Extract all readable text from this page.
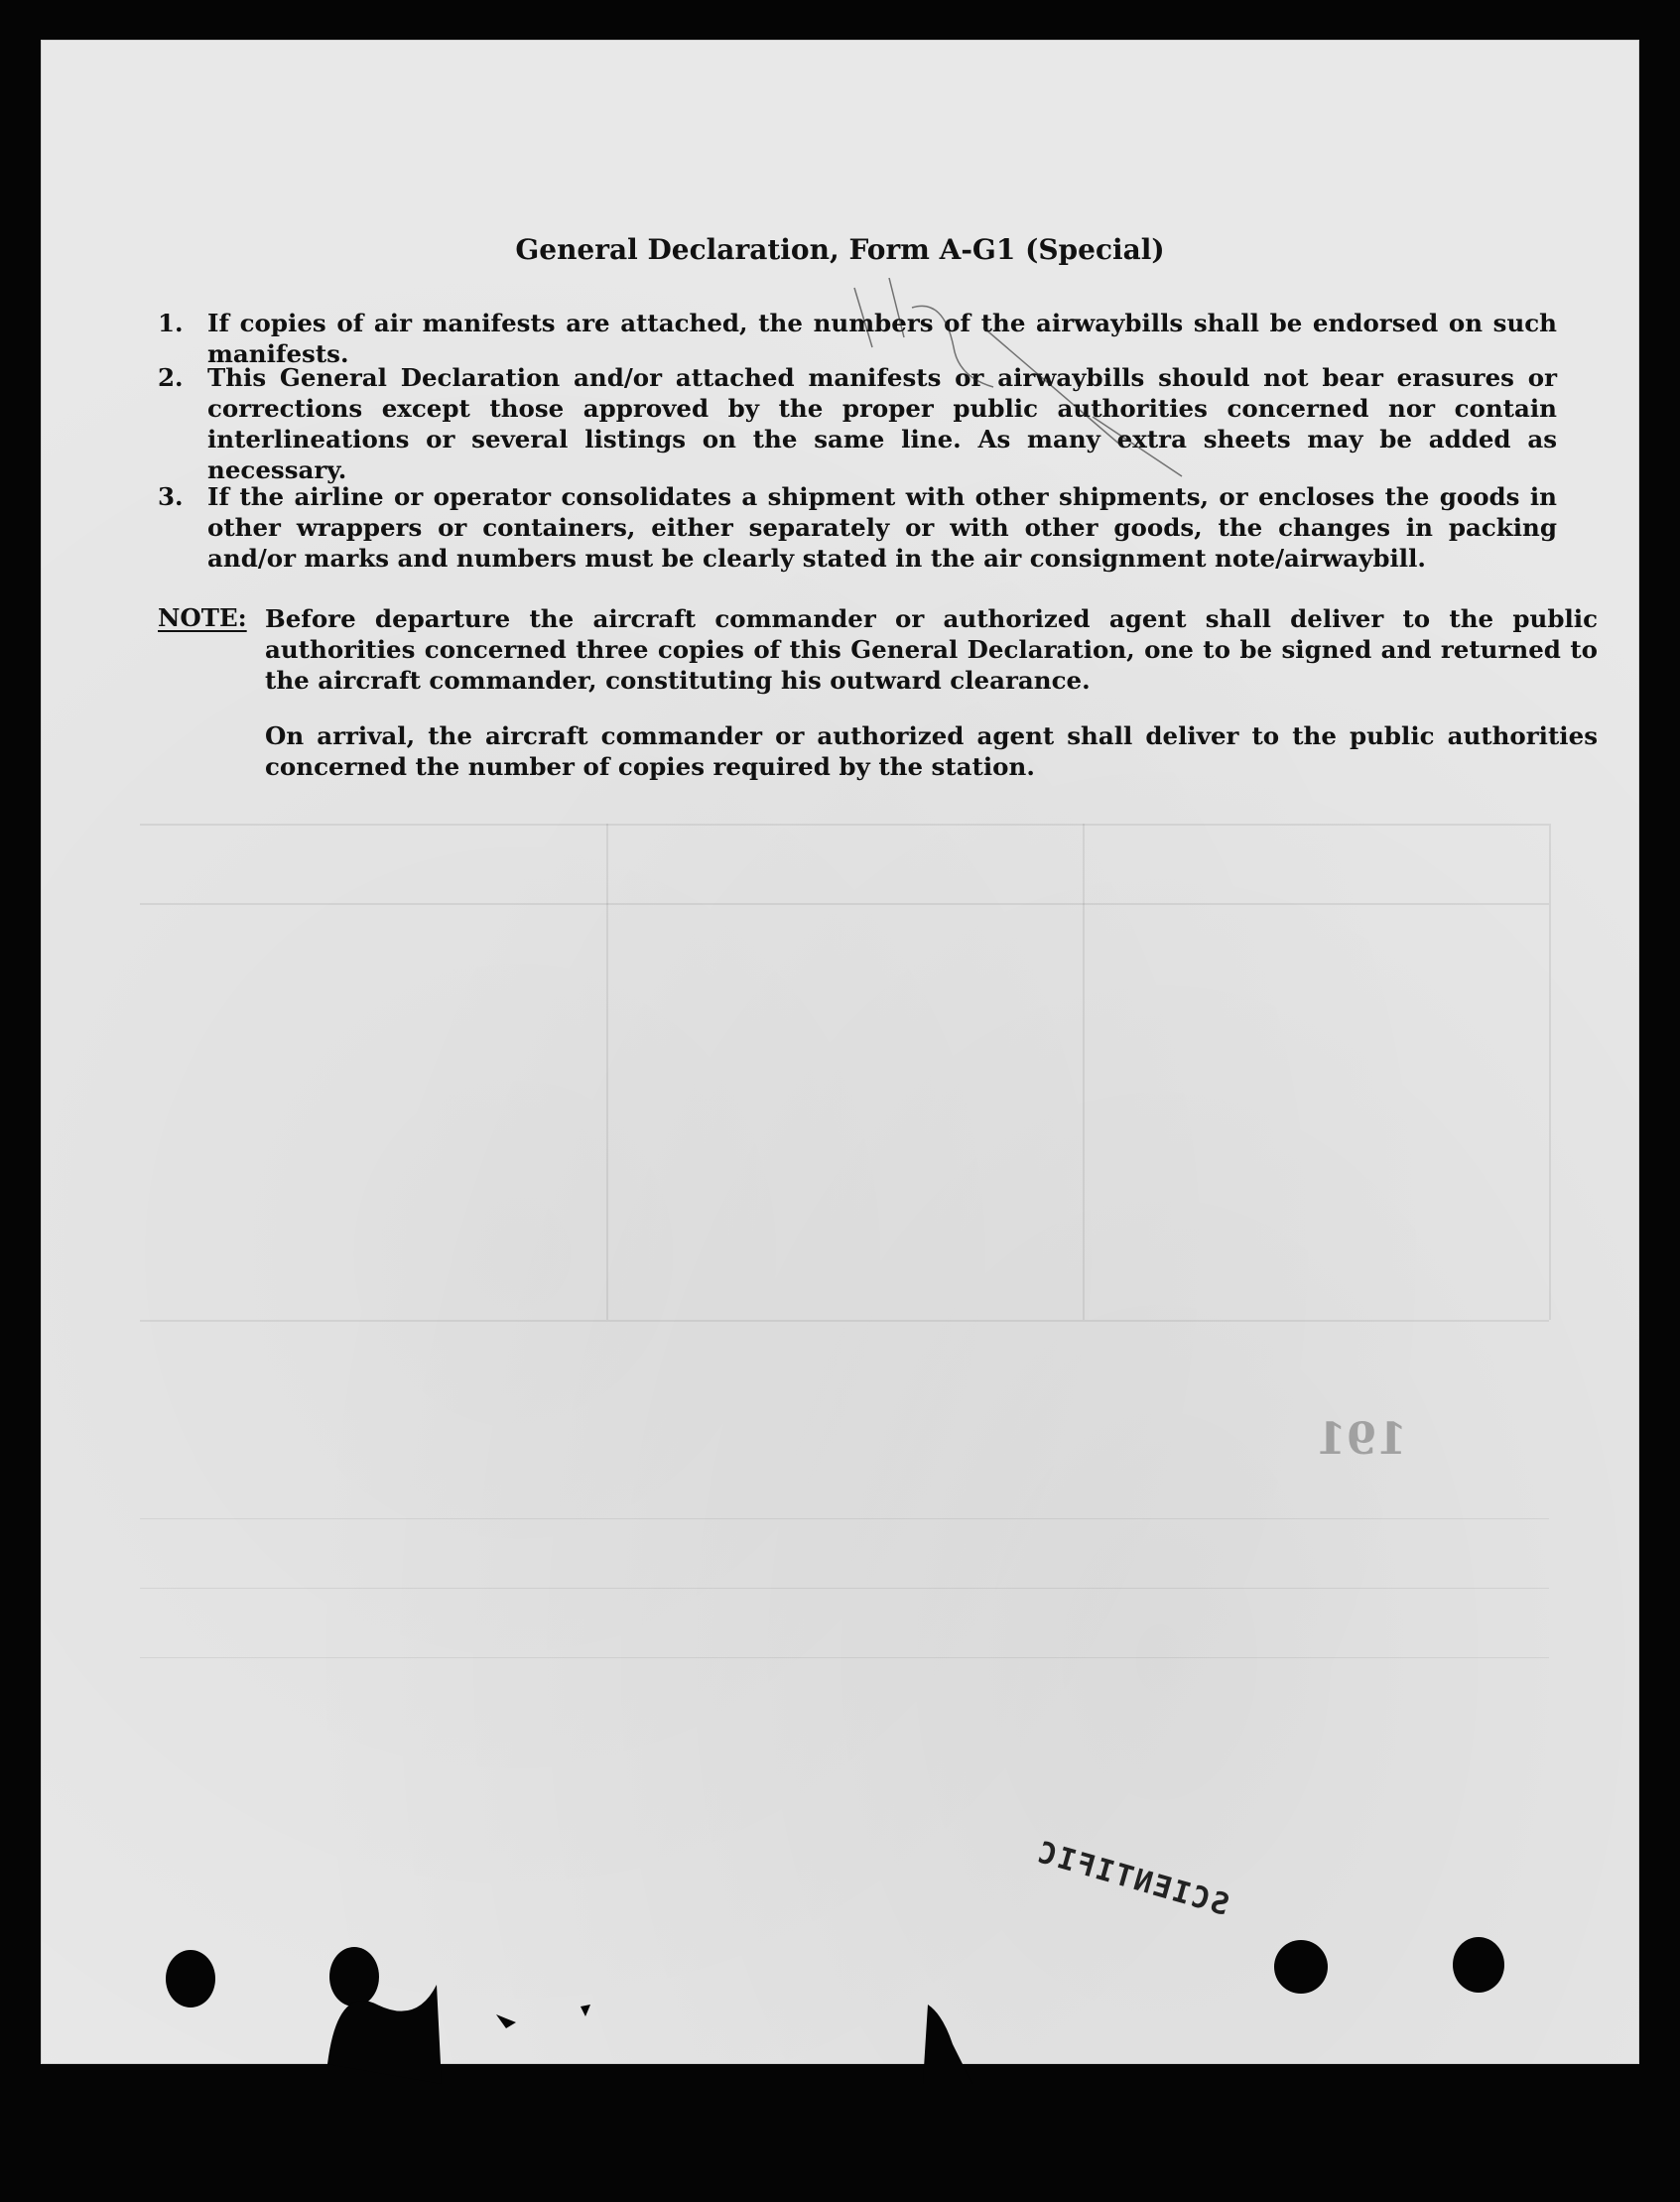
191
General Declaration, Form A-G1 (Special)
1. If copies of air manifests are attached, the numbers of the airwaybills shall be endorsed on such manifests.
2. This General Declaration and/or attached manifests or airwaybills should not bear erasures or corrections except those approved by the proper public authorities concerned nor contain interlineations or several listings on the same line. As many extra sheets may be added as necessary.
3. If the airline or operator consolidates a shipment with other shipments, or encloses the goods in other wrappers or containers, either separately or with other goods, the changes in packing and/or marks and numbers must be clearly stated in the air consignment note/airwaybill.
NOTE: Before departure the aircraft commander or authorized agent shall deliver to the public authorities concerned three copies of this General Declaration, one to be signed and returned to the aircraft commander, constituting his outward clearance.
On arrival, the aircraft commander or authorized agent shall deliver to the public authorities concerned the number of copies required by the station.
SCIENTIFIC
